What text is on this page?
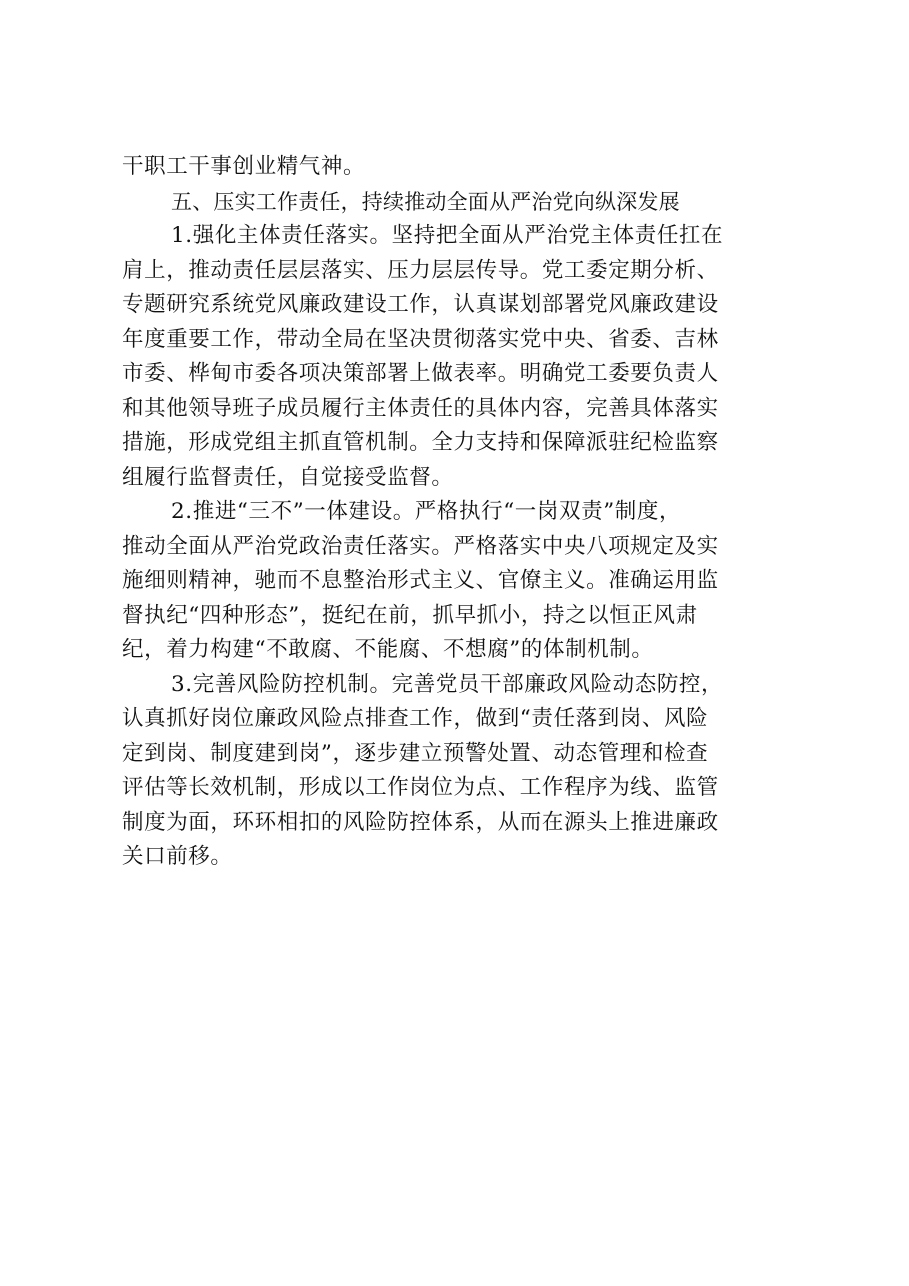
干职工干事创业精气神。
五、压实工作责任，持续推动全面从严治党向纵深发展
1.强化主体责任落实。坚持把全面从严治党主体责任扛在
肩上，推动责任层层落实、压力层层传导。党工委定期分析、
专题研究系统党风廉政建设工作，认真谋划部署党风廉政建设
年度重要工作，带动全局在坚决贯彻落实党中央、省委、吉林
市委、桦甸市委各项决策部署上做表率。明确党工委要负责人
和其他领导班子成员履行主体责任的具体内容，完善具体落实
措施，形成党组主抓直管机制。全力支持和保障派驻纪检监察
组履行监督责任，自觉接受监督。
2.推进“三不”一体建设。严格执行“一岗双责”制度，
推动全面从严治党政治责任落实。严格落实中央八项规定及实
施细则精神，驰而不息整治形式主义、官僚主义。准确运用监
督执纪“四种形态”，挺纪在前，抓早抓小，持之以恒正风肃
纪，着力构建“不敢腐、不能腐、不想腐”的体制机制。
3.完善风险防控机制。完善党员干部廉政风险动态防控，
认真抓好岗位廉政风险点排查工作，做到“责任落到岗、风险
定到岗、制度建到岗”，逐步建立预警处置、动态管理和检查
评估等长效机制，形成以工作岗位为点、工作程序为线、监管
制度为面，环环相扣的风险防控体系，从而在源头上推进廉政
关口前移。
